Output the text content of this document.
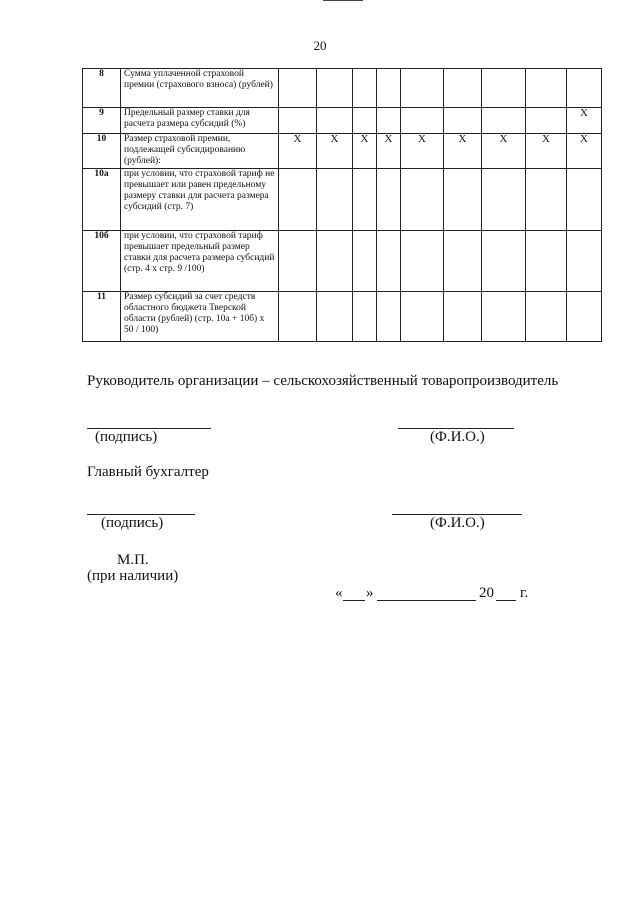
20
8	Сумма уплаченной страховой премии (страхового взноса) (рублей)									
9	Предельный размер ставки для расчета размера субсидий (%)									X
10	Размер страховой премии, подлежащей субсидированию (рублей):	X	X	X	X	X	X	X	X	X
10а	при условии, что страховой тариф не превышает или равен предельному размеру ставки для расчета размера субсидий (стр. 7)									
10б	при условии, что страховой тариф превышает предельный размер ставки для расчета размера субсидий (стр. 4 х стр. 9 /100)									
11	Размер субсидий за счет средств областного бюджета Тверской области (рублей) (стр. 10а + 10б) х 50 / 100)									
Руководитель организации – сельскохозяйственный товаропроизводитель
(подпись)	(Ф.И.О.)
Главный бухгалтер
(подпись)	(Ф.И.О.)
М.П.
(при наличии)
« »	20 г.
